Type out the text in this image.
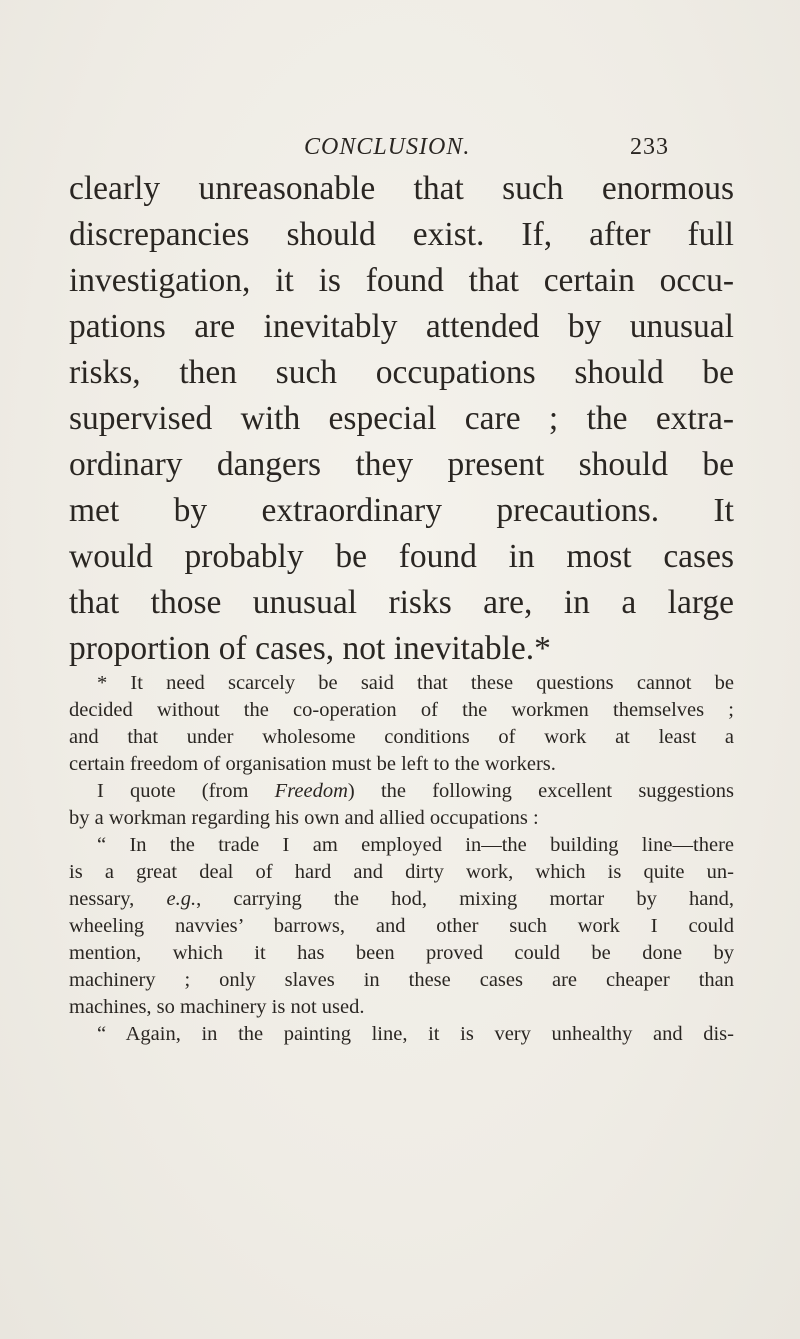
CONCLUSION.	233
clearly unreasonable that such enormous
discrepancies should exist. If, after full
investigation, it is found that certain occu-
pations are inevitably attended by unusual
risks, then such occupations should be
supervised with especial care ; the extra-
ordinary dangers they present should be
met by extraordinary precautions. It
would probably be found in most cases
that those unusual risks are, in a large
proportion of cases, not inevitable.*
* It need scarcely be said that these questions cannot be
decided without the co-operation of the workmen themselves ;
and that under wholesome conditions of work at least a
certain freedom of organisation must be left to the workers.
I quote (from Freedom) the following excellent suggestions
by a workman regarding his own and allied occupations :
“ In the trade I am employed in—the building line—there
is a great deal of hard and dirty work, which is quite un-
nessary, e.g., carrying the hod, mixing mortar by hand,
wheeling navvies’ barrows, and other such work I could
mention, which it has been proved could be done by
machinery ; only slaves in these cases are cheaper than
machines, so machinery is not used.
“ Again, in the painting line, it is very unhealthy and dis-
